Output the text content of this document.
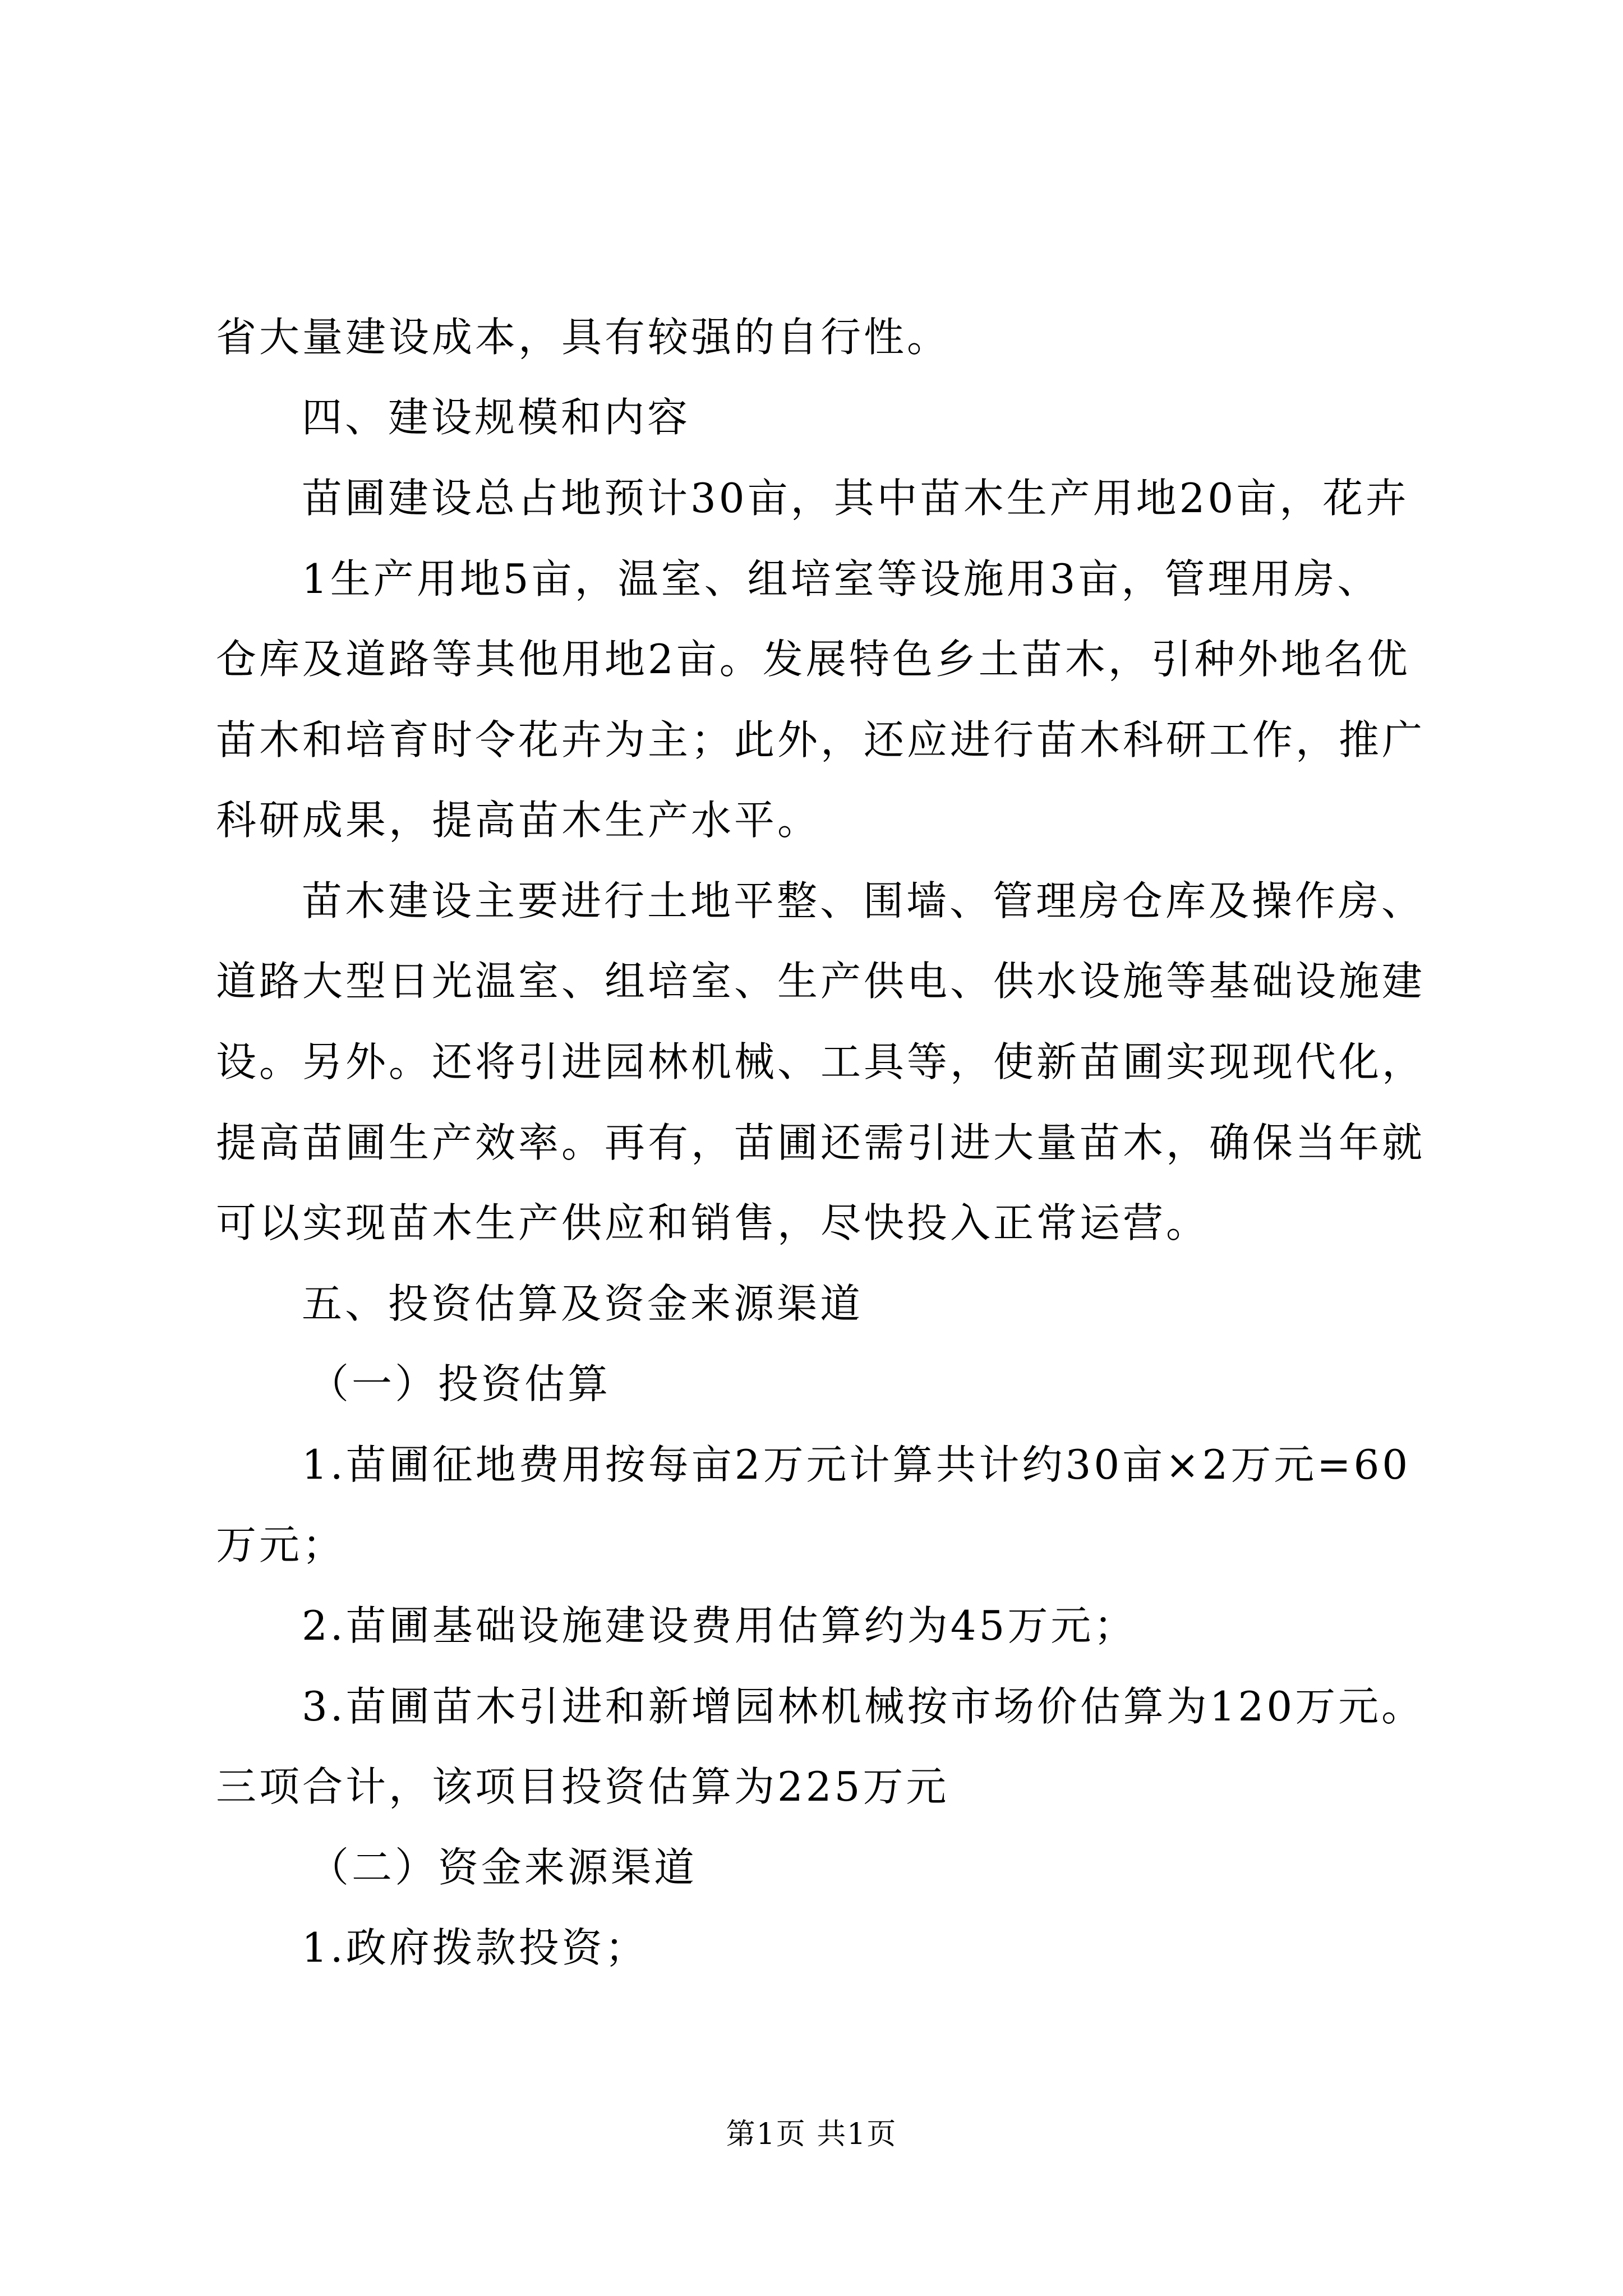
省大量建设成本，具有较强的自行性。
四、建设规模和内容
苗圃建设总占地预计30亩，其中苗木生产用地20亩，花卉
1生产用地5亩，温室、组培室等设施用3亩，管理用房、
仓库及道路等其他用地2亩。发展特色乡土苗木，引种外地名优
苗木和培育时令花卉为主；此外，还应进行苗木科研工作，推广
科研成果，提高苗木生产水平。
苗木建设主要进行土地平整、围墙、管理房仓库及操作房、
道路大型日光温室、组培室、生产供电、供水设施等基础设施建
设。另外。还将引进园林机械、工具等，使新苗圃实现现代化，
提高苗圃生产效率。再有，苗圃还需引进大量苗木，确保当年就
可以实现苗木生产供应和销售，尽快投入正常运营。
五、投资估算及资金来源渠道
（一）投资估算
1.苗圃征地费用按每亩2万元计算共计约30亩×2万元=60
万元；
2.苗圃基础设施建设费用估算约为45万元；
3.苗圃苗木引进和新增园林机械按市场价估算为120万元。
三项合计，该项目投资估算为225万元
（二）资金来源渠道
1.政府拨款投资；
第1页 共1页
